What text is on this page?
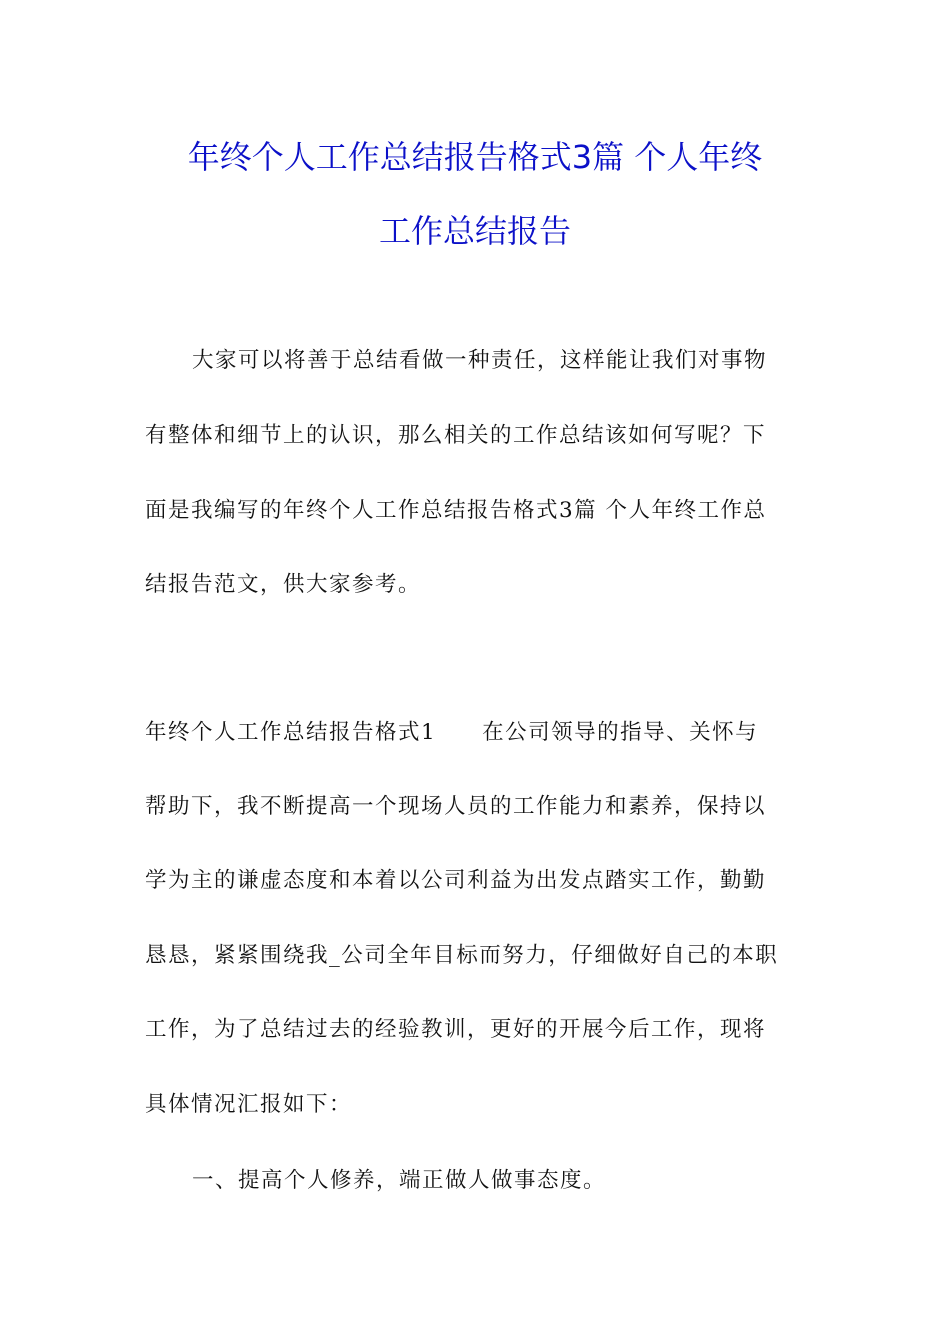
年终个人工作总结报告格式3篇 个人年终
工作总结报告
大家可以将善于总结看做一种责任，这样能让我们对事物
有整体和细节上的认识，那么相关的工作总结该如何写呢？下
面是我编写的年终个人工作总结报告格式3篇 个人年终工作总
结报告范文，供大家参考。
年终个人工作总结报告格式1　　在公司领导的指导、关怀与
帮助下，我不断提高一个现场人员的工作能力和素养，保持以
学为主的谦虚态度和本着以公司利益为出发点踏实工作，勤勤
恳恳，紧紧围绕我_公司全年目标而努力，仔细做好自己的本职
工作，为了总结过去的经验教训，更好的开展今后工作，现将
具体情况汇报如下：
一、提高个人修养，端正做人做事态度。
